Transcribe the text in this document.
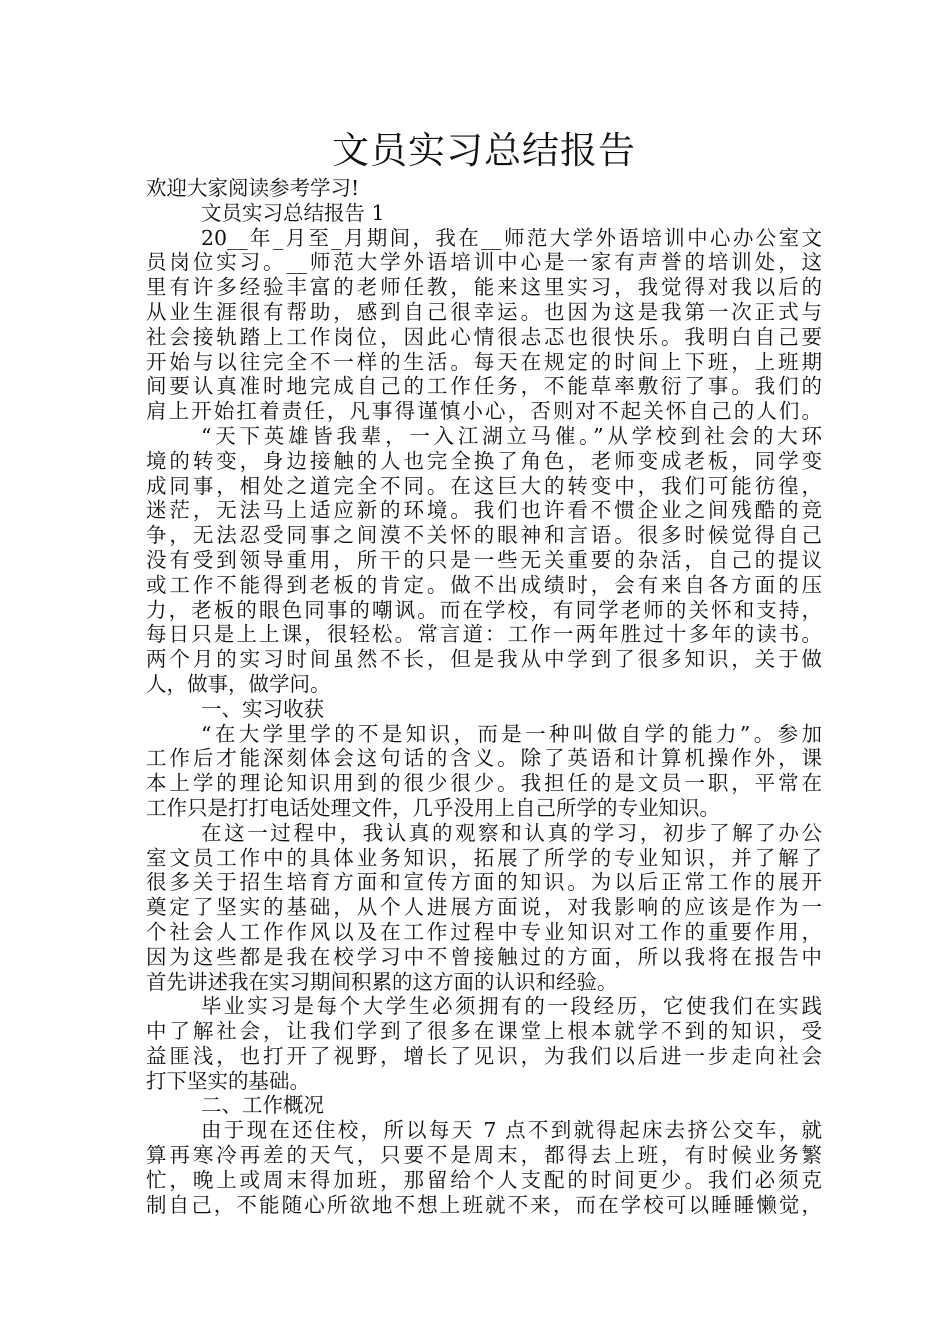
文员实习总结报告

欢迎大家阅读参考学习!

文员实习总结报告 1

20__年_月至_月期间，我在__师范大学外语培训中心办公室文

员岗位实习。__师范大学外语培训中心是一家有声誉的培训处，这

里有许多经验丰富的老师任教，能来这里实习，我觉得对我以后的

从业生涯很有帮助，感到自己很幸运。也因为这是我第一次正式与

社会接轨踏上工作岗位，因此心情很忐忑也很快乐。我明白自己要

开始与以往完全不一样的生活。每天在规定的时间上下班，上班期

间要认真准时地完成自己的工作任务，不能草率敷衍了事。我们的

肩上开始扛着责任，凡事得谨慎小心，否则对不起关怀自己的人们。

“天下英雄皆我辈，一入江湖立马催。”从学校到社会的大环

境的转变，身边接触的人也完全换了角色，老师变成老板，同学变

成同事，相处之道完全不同。在这巨大的转变中，我们可能彷徨，

迷茫，无法马上适应新的环境。我们也许看不惯企业之间残酷的竞

争，无法忍受同事之间漠不关怀的眼神和言语。很多时候觉得自己

没有受到领导重用，所干的只是一些无关重要的杂活，自己的提议

或工作不能得到老板的肯定。做不出成绩时，会有来自各方面的压

力，老板的眼色同事的嘲讽。而在学校，有同学老师的关怀和支持，

每日只是上上课，很轻松。常言道：工作一两年胜过十多年的读书。

两个月的实习时间虽然不长，但是我从中学到了很多知识，关于做

人，做事，做学问。

一、实习收获

“在大学里学的不是知识，而是一种叫做自学的能力”。参加

工作后才能深刻体会这句话的含义。除了英语和计算机操作外，课

本上学的理论知识用到的很少很少。我担任的是文员一职，平常在

工作只是打打电话处理文件，几乎没用上自己所学的专业知识。

在这一过程中，我认真的观察和认真的学习，初步了解了办公

室文员工作中的具体业务知识，拓展了所学的专业知识，并了解了

很多关于招生培育方面和宣传方面的知识。为以后正常工作的展开

奠定了坚实的基础，从个人进展方面说，对我影响的应该是作为一

个社会人工作作风以及在工作过程中专业知识对工作的重要作用，

因为这些都是我在校学习中不曾接触过的方面，所以我将在报告中

首先讲述我在实习期间积累的这方面的认识和经验。

毕业实习是每个大学生必须拥有的一段经历，它使我们在实践

中了解社会，让我们学到了很多在课堂上根本就学不到的知识，受

益匪浅，也打开了视野，增长了见识，为我们以后进一步走向社会

打下坚实的基础。

二、工作概况

由于现在还住校，所以每天 7 点不到就得起床去挤公交车，就

算再寒冷再差的天气，只要不是周末，都得去上班，有时候业务繁

忙，晚上或周末得加班，那留给个人支配的时间更少。我们必须克

制自己，不能随心所欲地不想上班就不来，而在学校可以睡睡懒觉，
